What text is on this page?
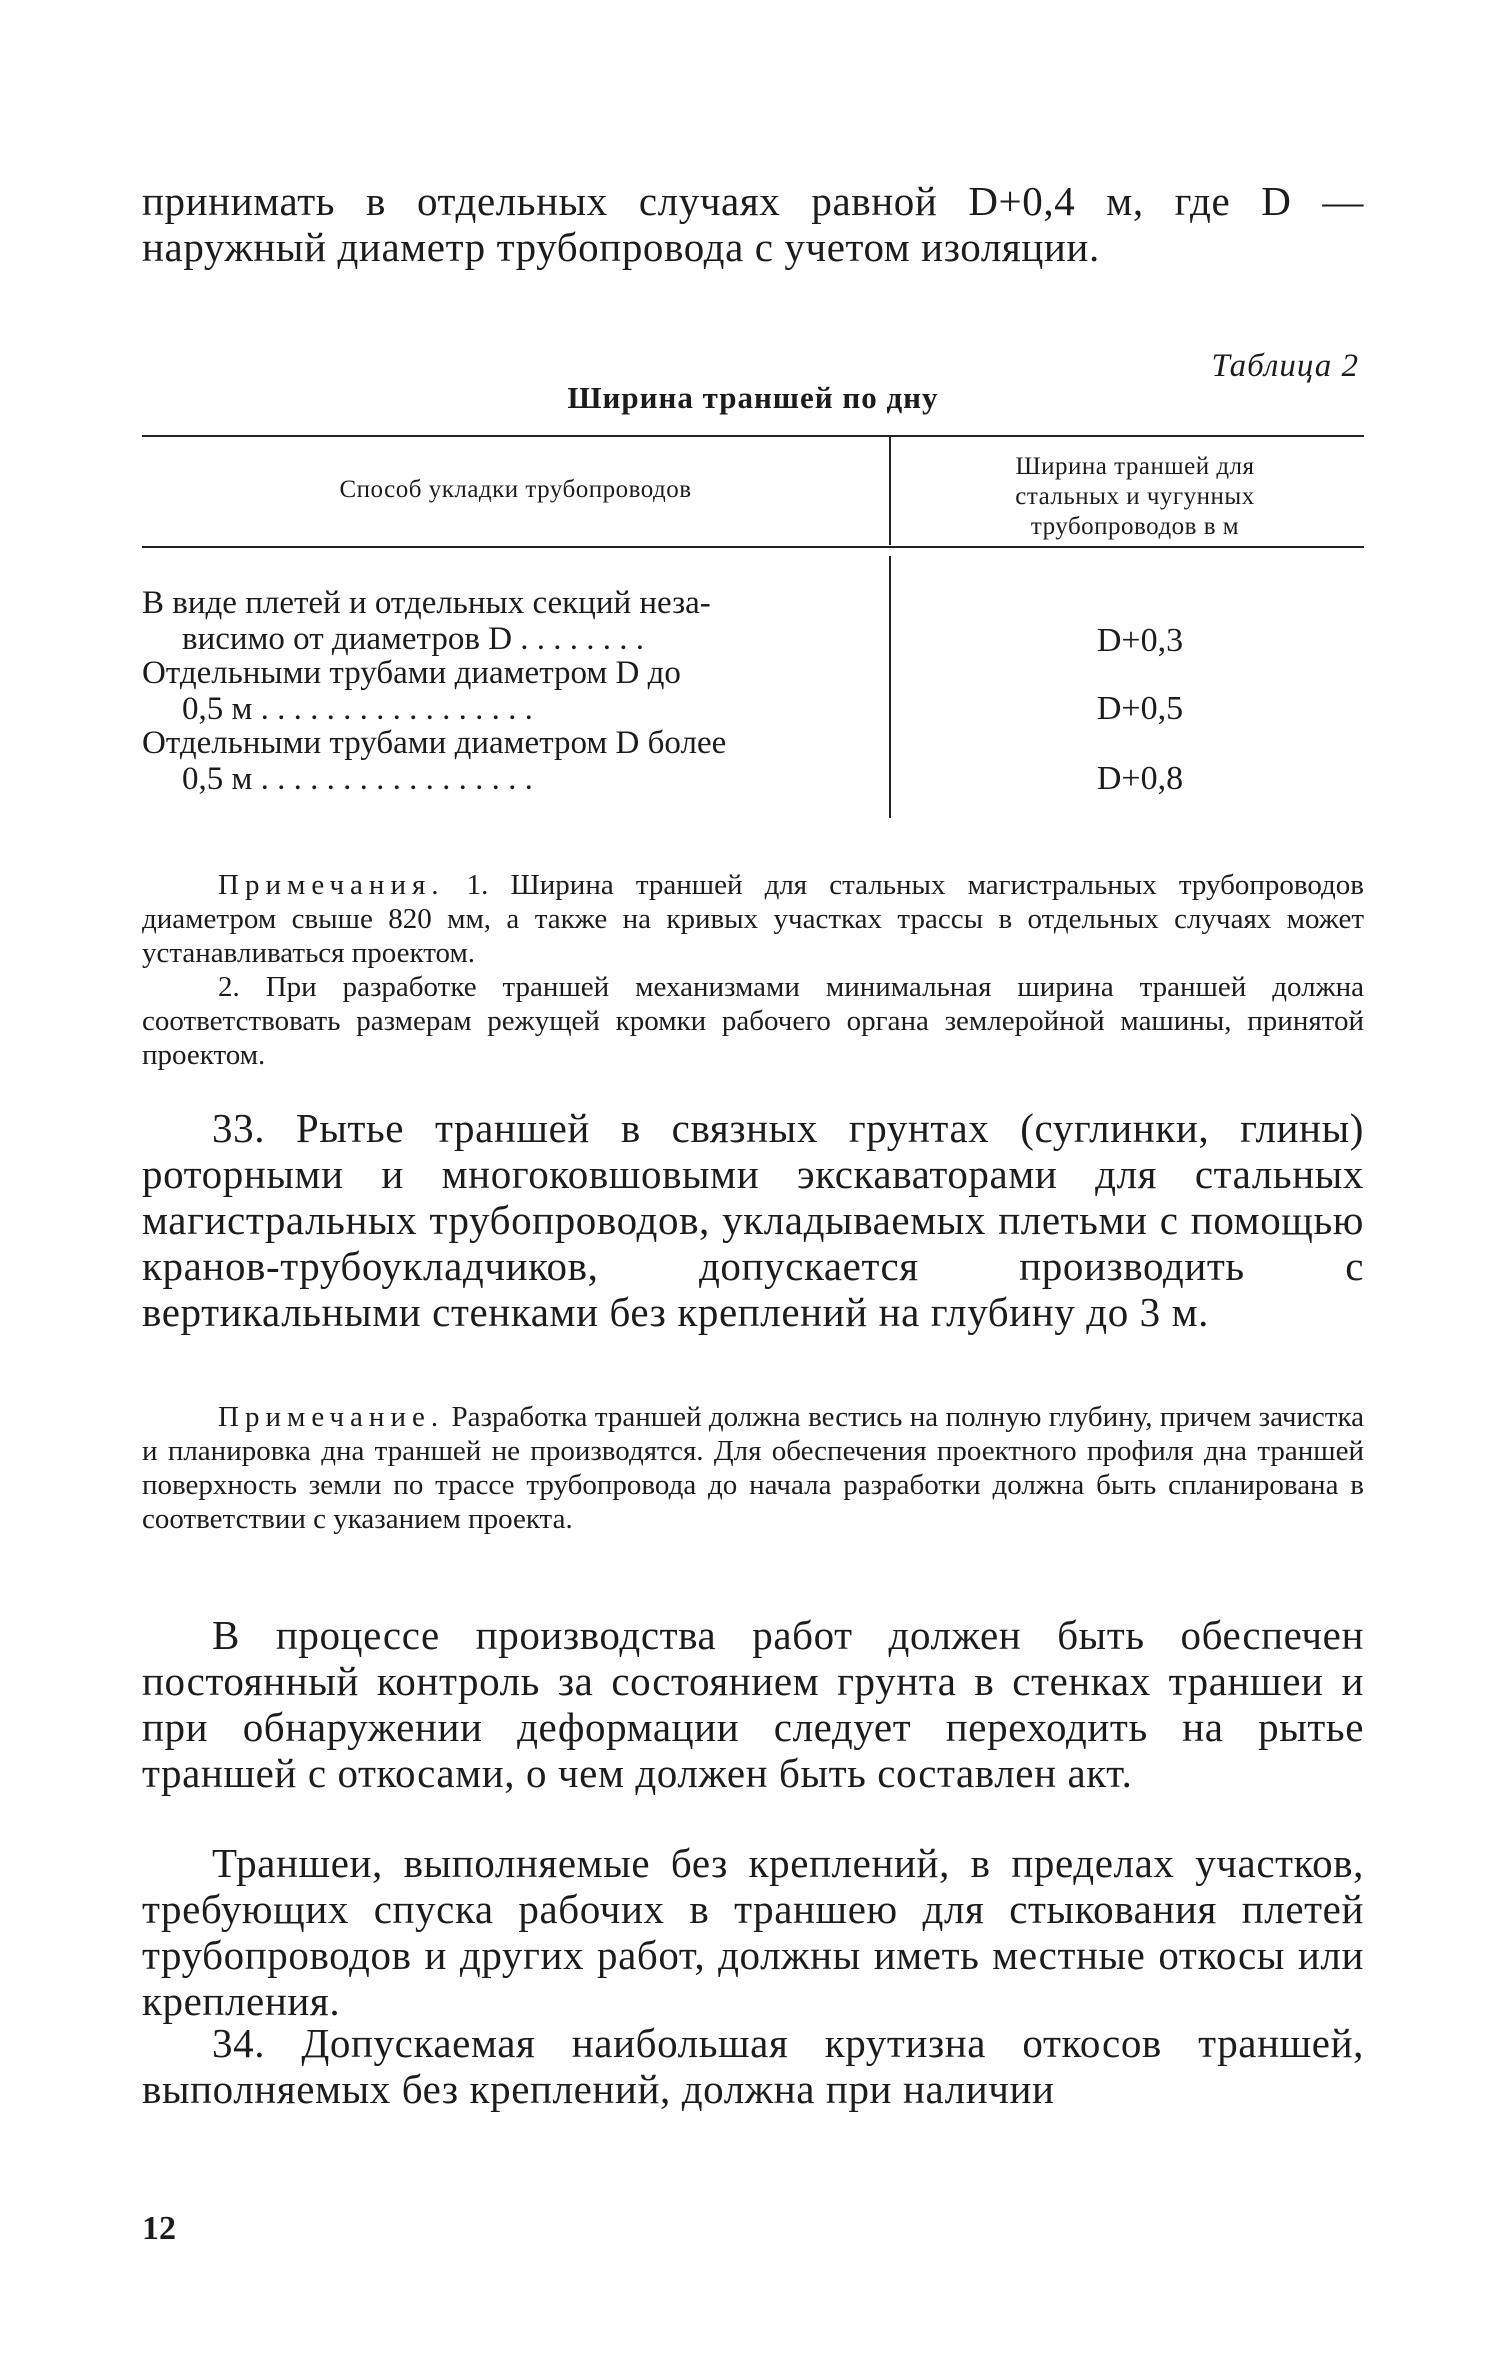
принимать в отдельных случаях равной D+0,4 м, где D — наружный диаметр трубопровода с учетом изоляции.

Таблица 2
Ширина траншей по дну
Способ укладки трубопроводов
Ширина траншей для стальных и чугунных трубопроводов в м
В виде плетей и отдельных секций неза-
висимо от диаметров D . . . . . . . .	D+0,3
Отдельными трубами диаметром D до
0,5 м . . . . . . . . . . . . . . . . .	D+0,5
Отдельными трубами диаметром D более
0,5 м . . . . . . . . . . . . . . . . .	D+0,8

Примечания. 1. Ширина траншей для стальных магистральных трубопроводов диаметром свыше 820 мм, а также на кривых участках трассы в отдельных случаях может устанавливаться проектом.

2. При разработке траншей механизмами минимальная ширина траншей должна соответствовать размерам режущей кромки рабочего органа землеройной машины, принятой проектом.

33. Рытье траншей в связных грунтах (суглинки, глины) роторными и многоковшовыми экскаваторами для стальных магистральных трубопроводов, укладываемых плетьми с помощью кранов-трубоукладчиков, допускается производить с вертикальными стенками без креплений на глубину до 3 м.

Примечание. Разработка траншей должна вестись на полную глубину, причем зачистка и планировка дна траншей не производятся. Для обеспечения проектного профиля дна траншей поверхность земли по трассе трубопровода до начала разработки должна быть спланирована в соответствии с указанием проекта.

В процессе производства работ должен быть обеспечен постоянный контроль за состоянием грунта в стенках траншеи и при обнаружении деформации следует переходить на рытье траншей с откосами, о чем должен быть составлен акт.

Траншеи, выполняемые без креплений, в пределах участков, требующих спуска рабочих в траншею для стыкования плетей трубопроводов и других работ, должны иметь местные откосы или крепления.

34. Допускаемая наибольшая крутизна откосов траншей, выполняемых без креплений, должна при наличии

12
